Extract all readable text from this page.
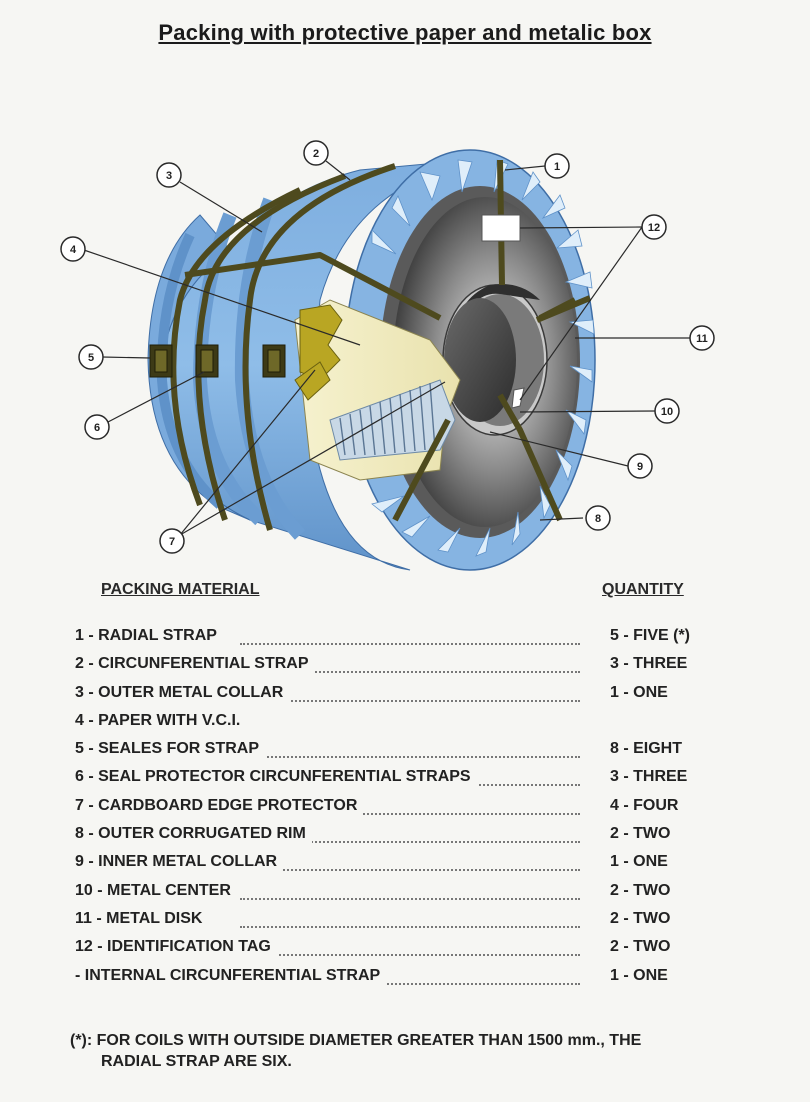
Packing with protective paper and metalic box
1
2
3
4
5
6
7
8
9
10
11
12
PACKING MATERIAL	QUANTITY
1 - RADIAL STRAP	5 - FIVE (*)
2 - CIRCUNFERENTIAL STRAP	3 - THREE
3 - OUTER METAL COLLAR	1 - ONE
4 - PAPER WITH V.C.I.
5 - SEALES FOR STRAP	8 - EIGHT
6 - SEAL PROTECTOR CIRCUNFERENTIAL STRAPS	3 - THREE
7 - CARDBOARD EDGE PROTECTOR	4 - FOUR
8 - OUTER CORRUGATED RIM	2 - TWO
9 - INNER METAL COLLAR	1 - ONE
10 - METAL CENTER	2 - TWO
11 - METAL DISK	2 - TWO
12 - IDENTIFICATION TAG	2 - TWO
- INTERNAL CIRCUNFERENTIAL STRAP	1 - ONE
(*): FOR COILS WITH OUTSIDE DIAMETER GREATER THAN 1500 mm., THE
RADIAL STRAP ARE SIX.
